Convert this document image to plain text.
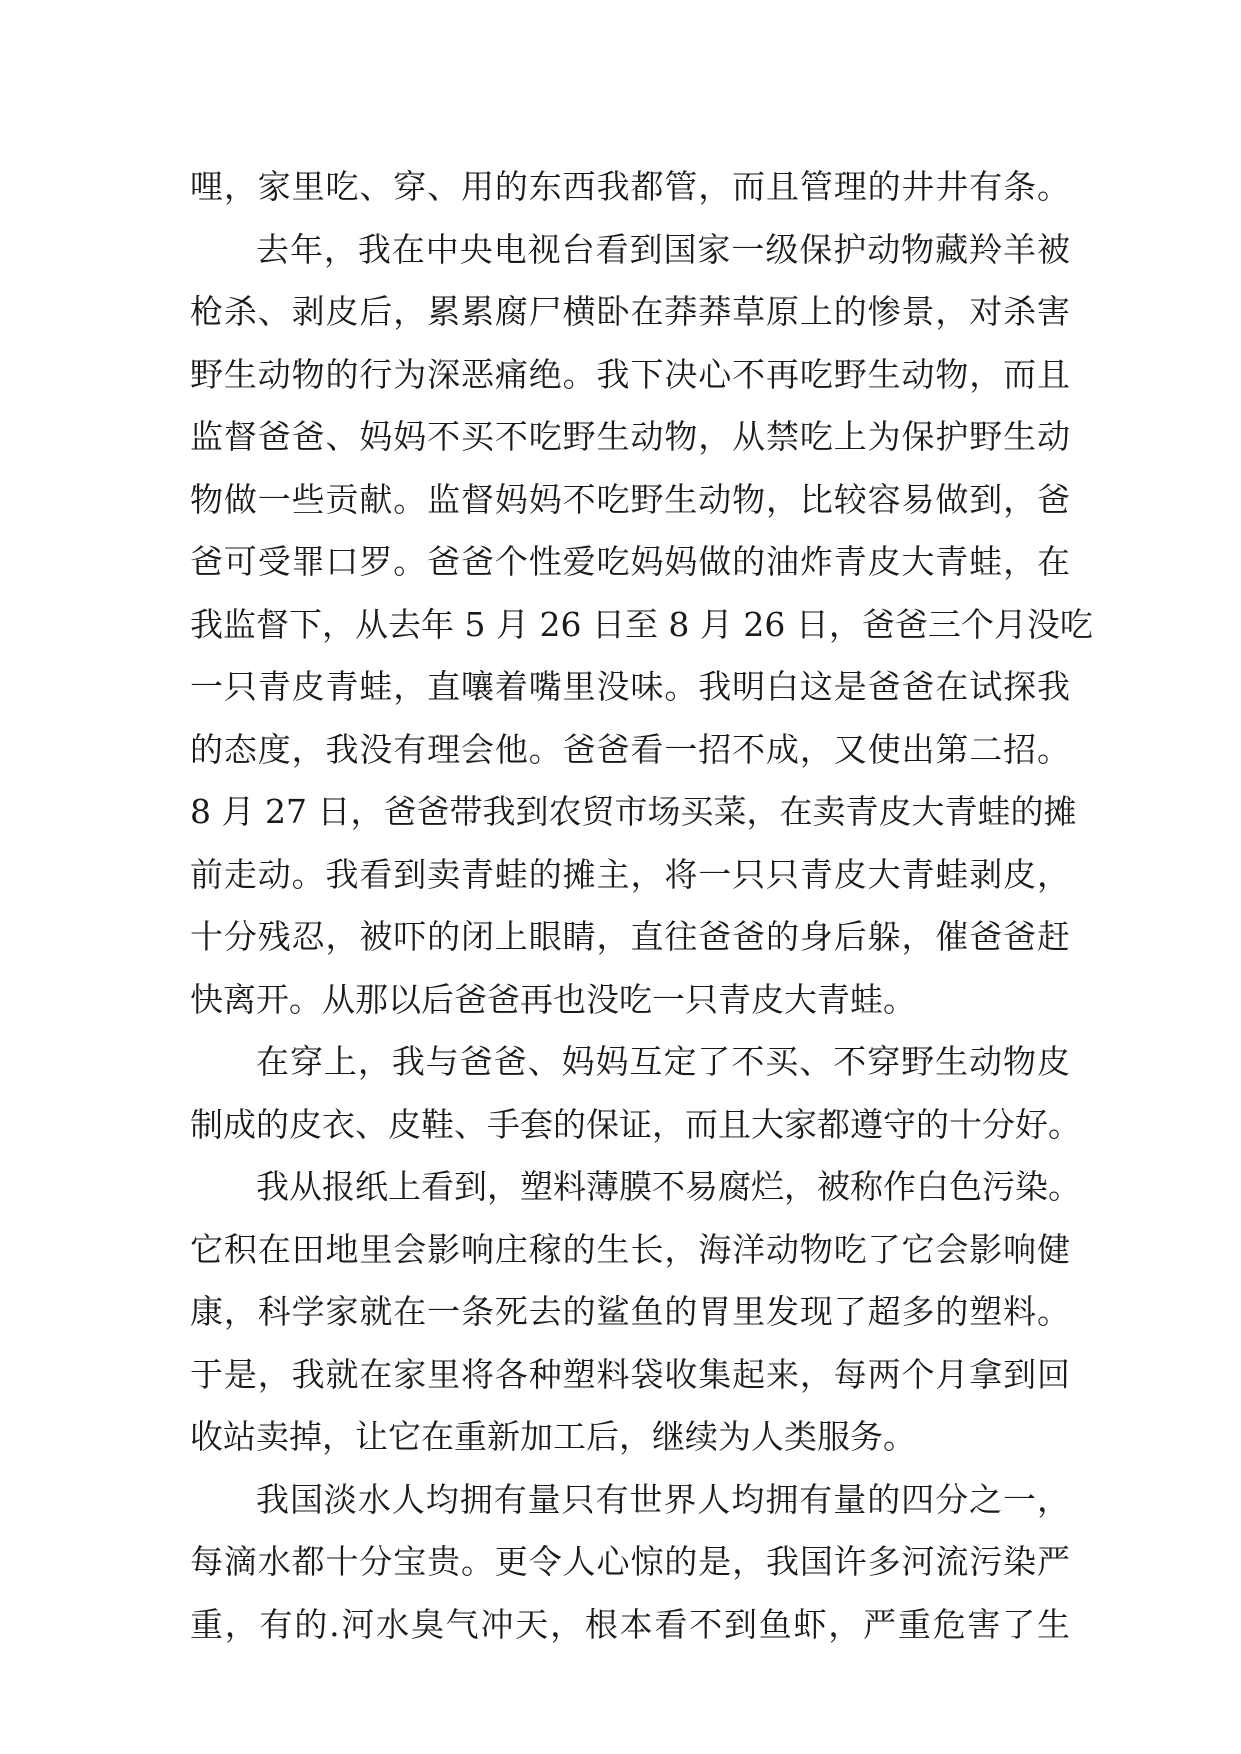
哩，家里吃、穿、用的东西我都管，而且管理的井井有条。
去年，我在中央电视台看到国家一级保护动物藏羚羊被
枪杀、剥皮后，累累腐尸横卧在莽莽草原上的惨景，对杀害
野生动物的行为深恶痛绝。我下决心不再吃野生动物，而且
监督爸爸、妈妈不买不吃野生动物，从禁吃上为保护野生动
物做一些贡献。监督妈妈不吃野生动物，比较容易做到，爸
爸可受罪口罗。爸爸个性爱吃妈妈做的油炸青皮大青蛙，在
我监督下，从去年 5 月 26 日至 8 月 26 日，爸爸三个月没吃
一只青皮青蛙，直嚷着嘴里没味。我明白这是爸爸在试探我
的态度，我没有理会他。爸爸看一招不成，又使出第二招。
8 月 27 日，爸爸带我到农贸市场买菜，在卖青皮大青蛙的摊
前走动。我看到卖青蛙的摊主，将一只只青皮大青蛙剥皮，
十分残忍，被吓的闭上眼睛，直往爸爸的身后躲，催爸爸赶
快离开。从那以后爸爸再也没吃一只青皮大青蛙。
在穿上，我与爸爸、妈妈互定了不买、不穿野生动物皮
制成的皮衣、皮鞋、手套的保证，而且大家都遵守的十分好。
我从报纸上看到，塑料薄膜不易腐烂，被称作白色污染。
它积在田地里会影响庄稼的生长，海洋动物吃了它会影响健
康，科学家就在一条死去的鲨鱼的胃里发现了超多的塑料。
于是，我就在家里将各种塑料袋收集起来，每两个月拿到回
收站卖掉，让它在重新加工后，继续为人类服务。
我国淡水人均拥有量只有世界人均拥有量的四分之一，
每滴水都十分宝贵。更令人心惊的是，我国许多河流污染严
重，有的.河水臭气冲天，根本看不到鱼虾，严重危害了生
